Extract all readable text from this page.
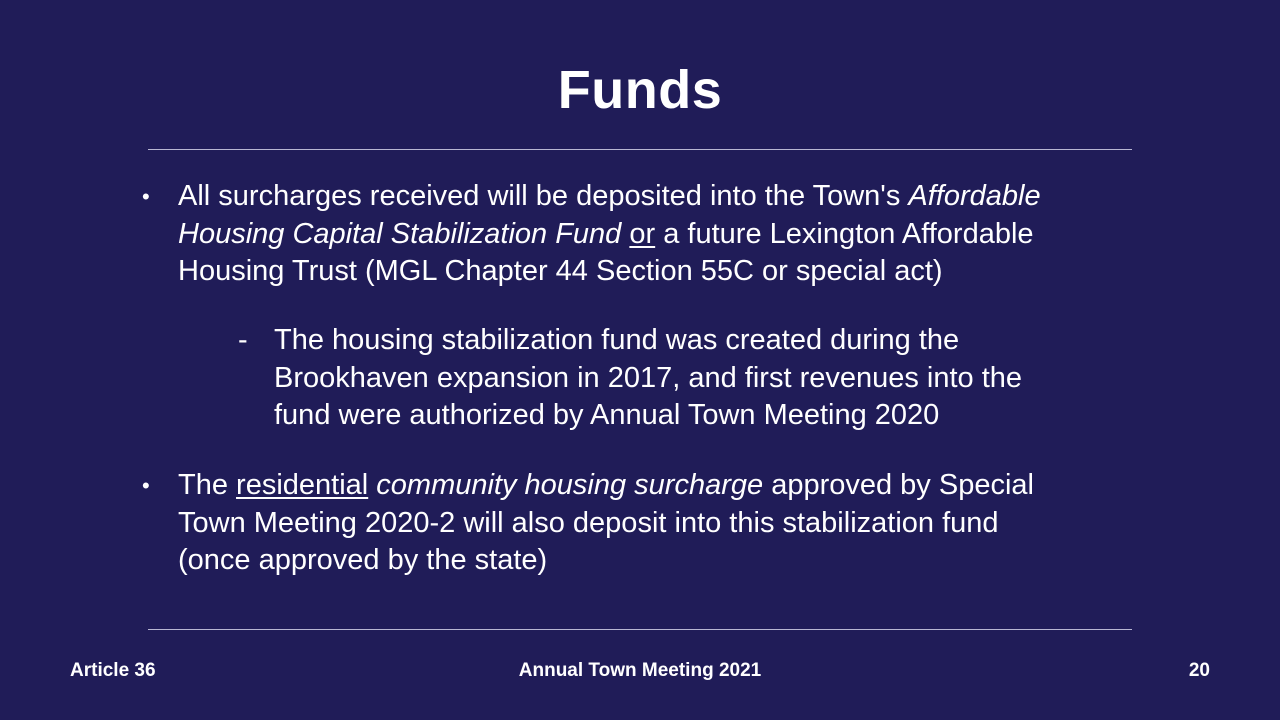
Funds
• All surcharges received will be deposited into the Town's Affordable
Housing Capital Stabilization Fund or a future Lexington Affordable
Housing Trust (MGL Chapter 44 Section 55C or special act)
- The housing stabilization fund was created during the
Brookhaven expansion in 2017, and first revenues into the
fund were authorized by Annual Town Meeting 2020
• The residential community housing surcharge approved by Special
Town Meeting 2020-2 will also deposit into this stabilization fund
(once approved by the state)
Article 36	Annual Town Meeting 2021	20
